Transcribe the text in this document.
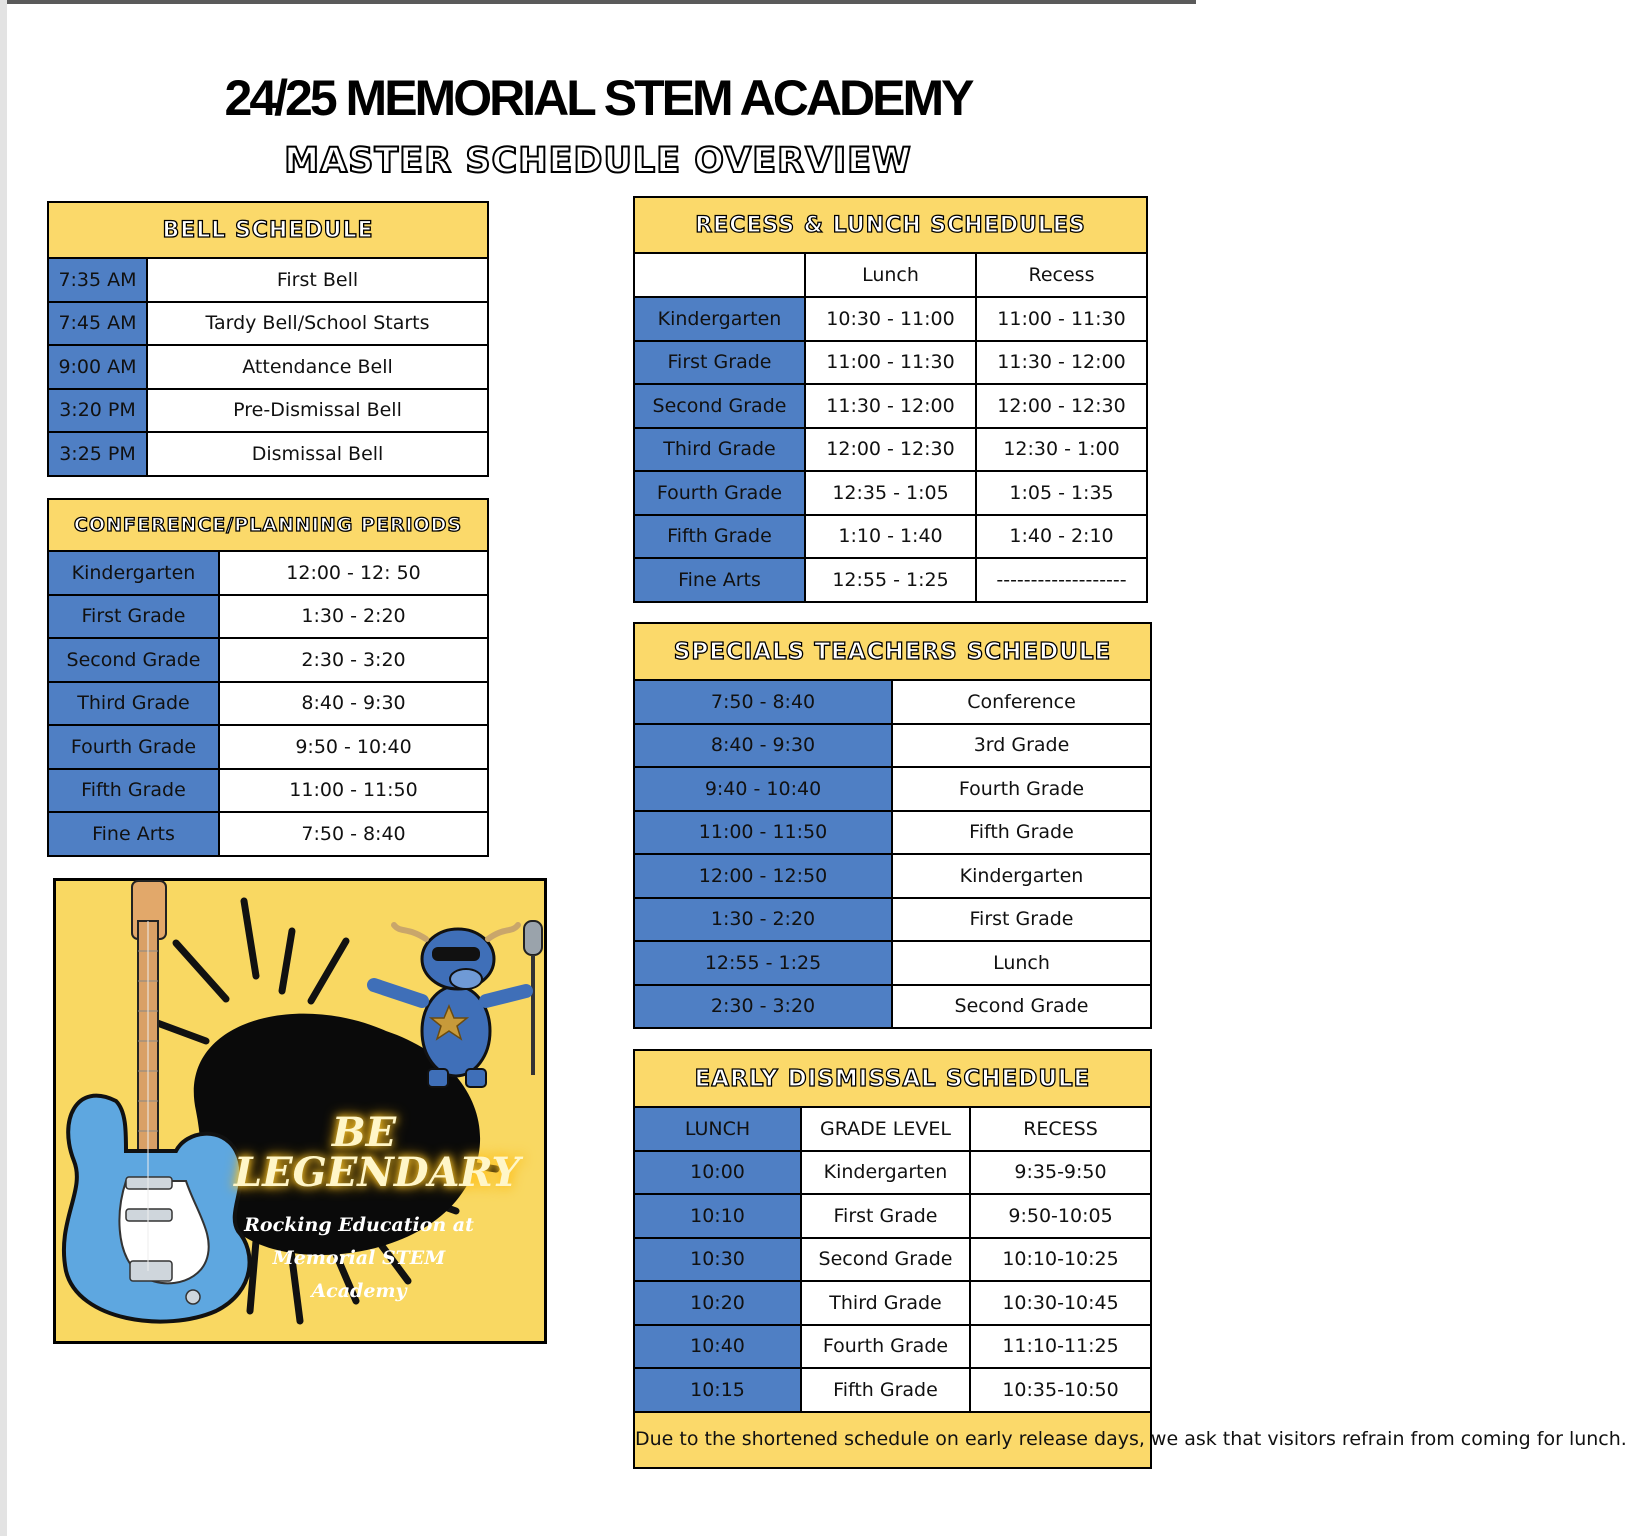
24/25 MEMORIAL STEM ACADEMY
MASTER SCHEDULE OVERVIEW
BELL SCHEDULE	
7:35 AM	First Bell
7:45 AM	Tardy Bell/School Starts
9:00 AM	Attendance Bell
3:20 PM	Pre-Dismissal Bell
3:25 PM	Dismissal Bell
CONFERENCE/PLANNING PERIODS	
Kindergarten	12:00 - 12: 50
First Grade	1:30 - 2:20
Second Grade	2:30 - 3:20
Third Grade	8:40 - 9:30
Fourth Grade	9:50 - 10:40
Fifth Grade	11:00 - 11:50
Fine Arts	7:50 - 8:40
RECESS & LUNCH SCHEDULES		
	Lunch	Recess
Kindergarten	10:30 - 11:00	11:00 - 11:30
First Grade	11:00 - 11:30	11:30 - 12:00
Second Grade	11:30 - 12:00	12:00 - 12:30
Third Grade	12:00 - 12:30	12:30 - 1:00
Fourth Grade	12:35 - 1:05	1:05 - 1:35
Fifth Grade	1:10 - 1:40	1:40 - 2:10
Fine Arts	12:55 - 1:25	-------------------
SPECIALS TEACHERS SCHEDULE	
7:50 - 8:40	Conference
8:40 - 9:30	3rd Grade
9:40 - 10:40	Fourth Grade
11:00 - 11:50	Fifth Grade
12:00 - 12:50	Kindergarten
1:30 - 2:20	First Grade
12:55 - 1:25	Lunch
2:30 - 3:20	Second Grade
EARLY DISMISSAL SCHEDULE		
LUNCH	GRADE LEVEL	RECESS
10:00	Kindergarten	9:35-9:50
10:10	First Grade	9:50-10:05
10:30	Second Grade	10:10-10:25
10:20	Third Grade	10:30-10:45
10:40	Fourth Grade	11:10-11:25
10:15	Fifth Grade	10:35-10:50
Due to the shortened schedule on early release days, we ask that visitors refrain from coming for lunch.		
BE LEGENDARY
Rocking Education at Memorial STEM Academy
